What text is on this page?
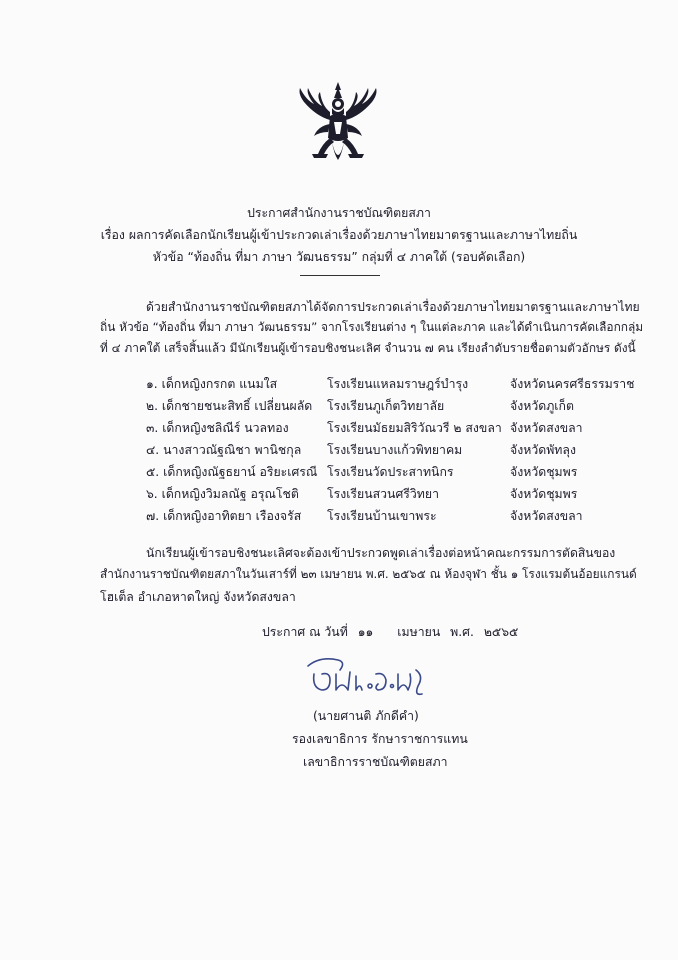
ประกาศสำนักงานราชบัณฑิตยสภา
เรื่อง ผลการคัดเลือกนักเรียนผู้เข้าประกวดเล่าเรื่องด้วยภาษาไทยมาตรฐานและภาษาไทยถิ่น
หัวข้อ “ท้องถิ่น ที่มา ภาษา วัฒนธรรม” กลุ่มที่ ๔ ภาคใต้ (รอบคัดเลือก)
ด้วยสำนักงานราชบัณฑิตยสภาได้จัดการประกวดเล่าเรื่องด้วยภาษาไทยมาตรฐานและภาษาไทย
ถิ่น หัวข้อ “ท้องถิ่น ที่มา ภาษา วัฒนธรรม” จากโรงเรียนต่าง ๆ ในแต่ละภาค และได้ดำเนินการคัดเลือกกลุ่ม
ที่ ๔ ภาคใต้ เสร็จสิ้นแล้ว มีนักเรียนผู้เข้ารอบชิงชนะเลิศ จำนวน ๗ คน เรียงลำดับรายชื่อตามตัวอักษร ดังนี้
๑. เด็กหญิงกรกต แนมใส	โรงเรียนแหลมราษฎร์บำรุง	จังหวัดนครศรีธรรมราช
๒. เด็กชายชนะสิทธิ์ เปลี่ยนผลัด โรงเรียนภูเก็ตวิทยาลัย	จังหวัดภูเก็ต
๓. เด็กหญิงชลิณีร์ นวลทอง	โรงเรียนมัธยมสิริวัณวรี ๒ สงขลา จังหวัดสงขลา
๔. นางสาวณัฐณิชา พานิชกุล โรงเรียนบางแก้วพิทยาคม	จังหวัดพัทลุง
๕. เด็กหญิงณัฐธยาน์ อริยะเศรณี โรงเรียนวัดประสาทนิกร	จังหวัดชุมพร
๖. เด็กหญิงวิมลณัฐ อรุณโชติ โรงเรียนสวนศรีวิทยา	จังหวัดชุมพร
๗. เด็กหญิงอาทิตยา เรืองจรัส โรงเรียนบ้านเขาพระ	จังหวัดสงขลา
นักเรียนผู้เข้ารอบชิงชนะเลิศจะต้องเข้าประกวดพูดเล่าเรื่องต่อหน้าคณะกรรมการตัดสินของ
สำนักงานราชบัณฑิตยสภาในวันเสาร์ที่ ๒๓ เมษายน พ.ศ. ๒๕๖๕ ณ ห้องจุฬา ชั้น ๑ โรงแรมต้นอ้อยแกรนด์
โฮเต็ล อำเภอหาดใหญ่ จังหวัดสงขลา
ประกาศ ณ วันที่ ๑๑ เมษายน พ.ศ. ๒๕๖๕
(นายศานติ ภักดีคำ)
รองเลขาธิการ รักษาราชการแทน
เลขาธิการราชบัณฑิตยสภา
